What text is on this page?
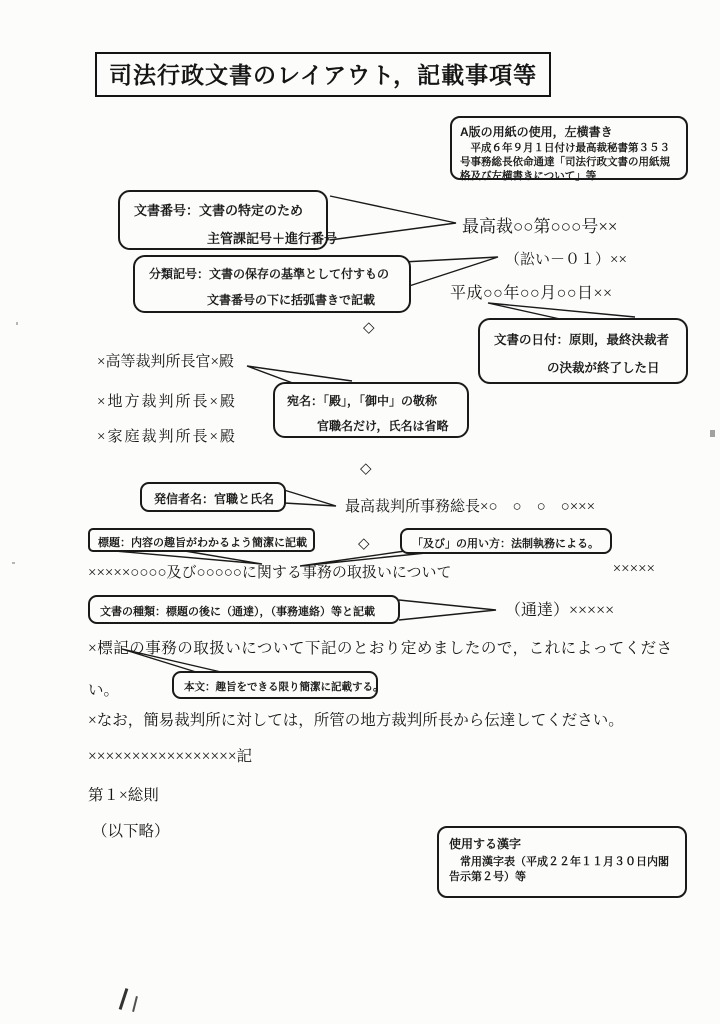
司法行政文書のレイアウト，記載事項等
A版の用紙の使用，左横書き
平成６年９月１日付け最高裁秘書第３５３号事務総長依命通達「司法行政文書の用紙規格及び左横書きについて」等
文書番号：文書の特定のため
主管課記号＋進行番号
分類記号：文書の保存の基準として付すもの
文書番号の下に括弧書きで記載
文書の日付：原則，最終決裁者
の決裁が終了した日
宛名：「殿」，「御中」の敬称
官職名だけ，氏名は省略
発信者名：官職と氏名
標題：内容の趣旨がわかるよう簡潔に記載	「及び」の用い方：法制執務による。
文書の種類：標題の後に（通達），（事務連絡）等と記載
本文：趣旨をできる限り簡潔に記載する。
使用する漢字
常用漢字表（平成２２年１１月３０日内閣告示第２号）等
最高裁○○第○○○号××
（訟い－０１）××
平成○○年○○月○○日××
◇
×高等裁判所長官×殿
×地方裁判所長×殿
×家庭裁判所長×殿
◇
最高裁判所事務総長×○　○　○　○×××
◇
×××××○○○○及び○○○○○に関する事務の取扱いについて	×××××
（通達）×××××
×標記の事務の取扱いについて下記のとおり定めましたので，これによってくださ
い。
×なお，簡易裁判所に対しては，所管の地方裁判所長から伝達してください。
×××××××××××××××××記
第１×総則
（以下略）
